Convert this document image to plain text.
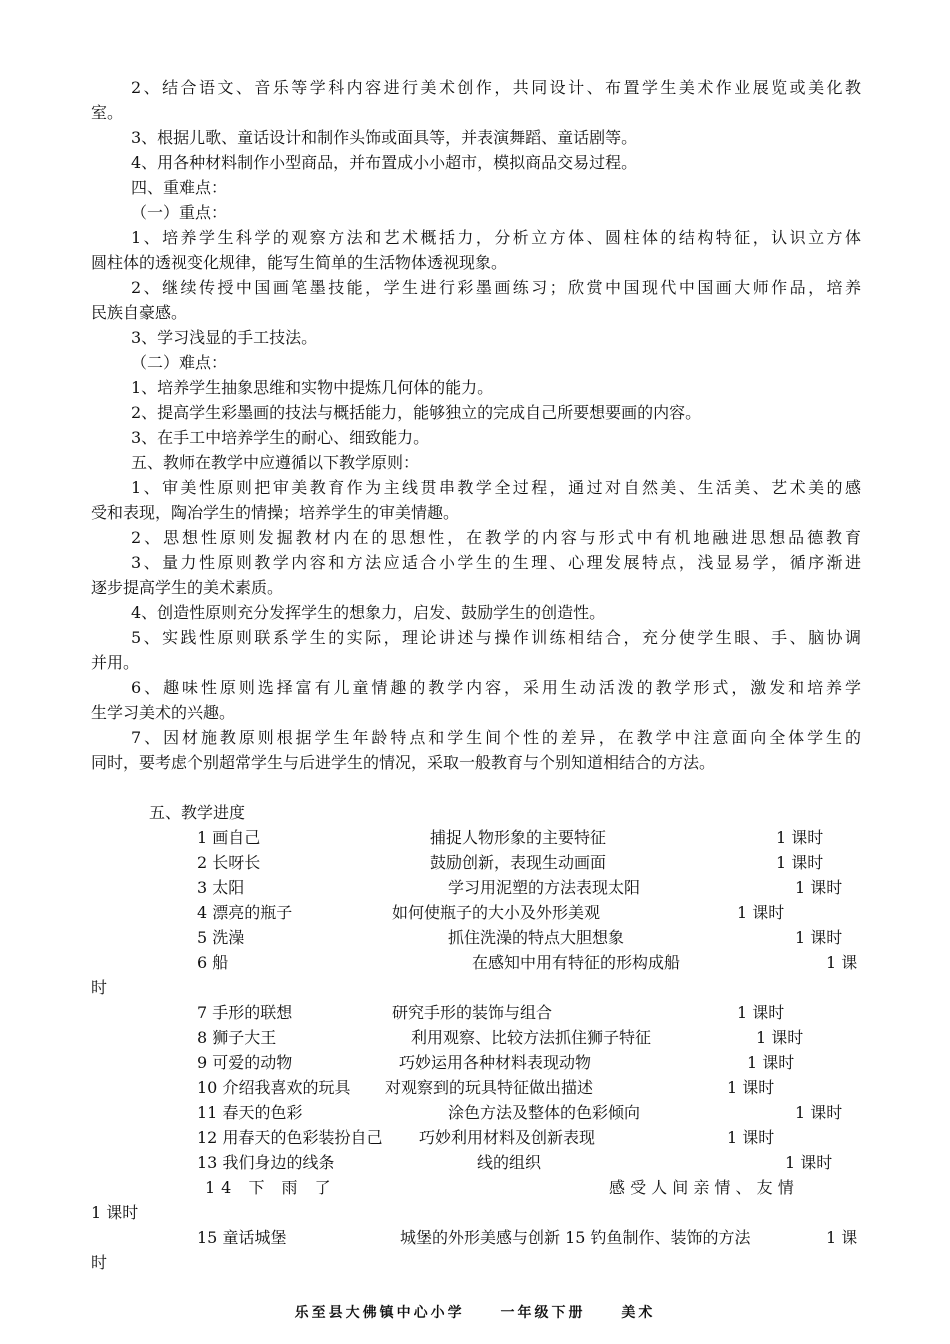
2、结合语文、音乐等学科内容进行美术创作，共同设计、布置学生美术作业展览或美化教
室。
3、根据儿歌、童话设计和制作头饰或面具等，并表演舞蹈、童话剧等。
4、用各种材料制作小型商品，并布置成小小超市，模拟商品交易过程。
四、重难点：
（一）重点：
1、培养学生科学的观察方法和艺术概括力，分析立方体、圆柱体的结构特征，认识立方体
圆柱体的透视变化规律，能写生简单的生活物体透视现象。
2、继续传授中国画笔墨技能，学生进行彩墨画练习；欣赏中国现代中国画大师作品，培养
民族自豪感。
3、学习浅显的手工技法。
（二）难点：
1、培养学生抽象思维和实物中提炼几何体的能力。
2、提高学生彩墨画的技法与概括能力，能够独立的完成自己所要想要画的内容。
3、在手工中培养学生的耐心、细致能力。
五、教师在教学中应遵循以下教学原则：
1、审美性原则把审美教育作为主线贯串教学全过程，通过对自然美、生活美、艺术美的感
受和表现，陶冶学生的情操；培养学生的审美情趣。
2、思想性原则发掘教材内在的思想性，在教学的内容与形式中有机地融进思想品德教育
3、量力性原则教学内容和方法应适合小学生的生理、心理发展特点，浅显易学，循序渐进
逐步提高学生的美术素质。
4、创造性原则充分发挥学生的想象力，启发、鼓励学生的创造性。
5、实践性原则联系学生的实际，理论讲述与操作训练相结合，充分使学生眼、手、脑协调
并用。
6、趣味性原则选择富有儿童情趣的教学内容，采用生动活泼的教学形式，激发和培养学
生学习美术的兴趣。
7、因材施教原则根据学生年龄特点和学生间个性的差异，在教学中注意面向全体学生的
同时，要考虑个别超常学生与后进学生的情况，采取一般教育与个别知道相结合的方法。
五、教学进度
1 画自己	捕捉人物形象的主要特征	1 课时
2 长呀长	鼓励创新，表现生动画面	1 课时
3 太阳	学习用泥塑的方法表现太阳	1 课时
4 漂亮的瓶子	如何使瓶子的大小及外形美观	1 课时
5 洗澡	抓住洗澡的特点大胆想象	1 课时
6 船	在感知中用有特征的形构成船	1 课
时
7 手形的联想	研究手形的装饰与组合	1 课时
8 狮子大王	利用观察、比较方法抓住狮子特征	1 课时
9 可爱的动物	巧妙运用各种材料表现动物	1 课时
10 介绍我喜欢的玩具 对观察到的玩具特征做出描述	1 课时
11 春天的色彩	涂色方法及整体的色彩倾向	1 课时
12 用春天的色彩装扮自己 巧妙利用材料及创新表现	1 课时
13 我们身边的线条	线的组织	1 课时
14 下 雨 了	感 受 人 间 亲 情 、 友 情
1 课时
15 童话城堡	城堡的外形美感与创新 15 钓鱼制作、装饰的方法	1 课
时
乐至县大佛镇中心小学	一年级下册	美术
